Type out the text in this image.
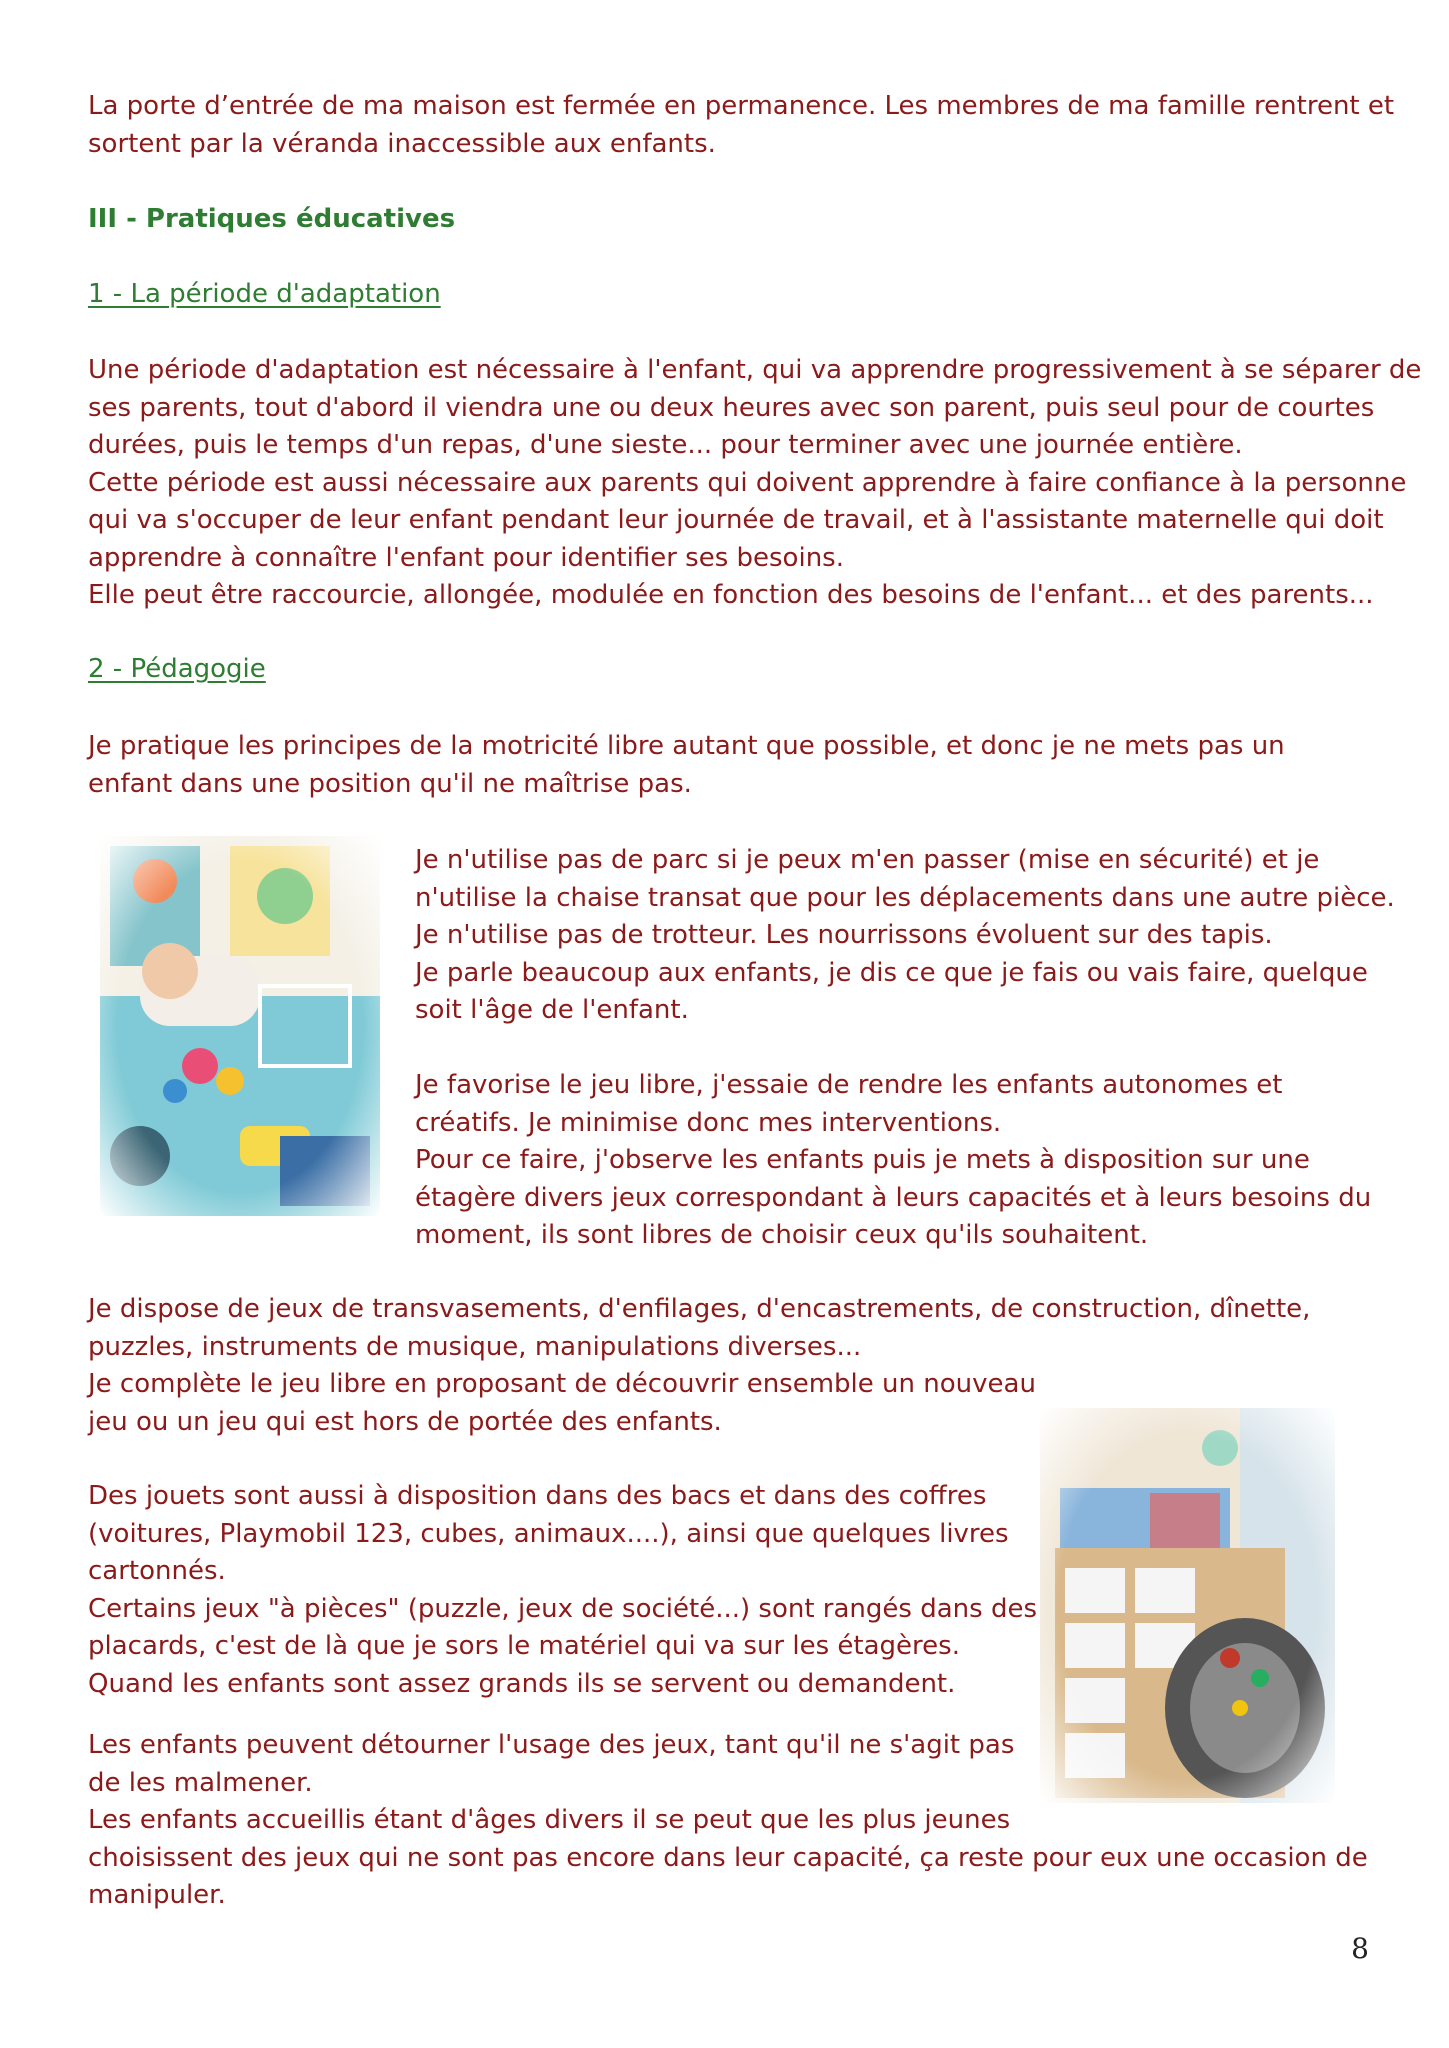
La porte d’entrée de ma maison est fermée en permanence. Les membres de ma famille rentrent et
sortent par la véranda inaccessible aux enfants.
III - Pratiques éducatives
1 - La période d'adaptation
Une période d'adaptation est nécessaire à l'enfant, qui va apprendre progressivement à se séparer de
ses parents, tout d'abord il viendra une ou deux heures avec son parent, puis seul pour de courtes
durées, puis le temps d'un repas, d'une sieste... pour terminer avec une journée entière.
Cette période est aussi nécessaire aux parents qui doivent apprendre à faire confiance à la personne
qui va s'occuper de leur enfant pendant leur journée de travail, et à l'assistante maternelle qui doit
apprendre à connaître l'enfant pour identifier ses besoins.
Elle peut être raccourcie, allongée, modulée en fonction des besoins de l'enfant... et des parents...
2 - Pédagogie
Je pratique les principes de la motricité libre autant que possible, et donc je ne mets pas un
enfant dans une position qu'il ne maîtrise pas.
Je n'utilise pas de parc si je peux m'en passer (mise en sécurité) et je
n'utilise la chaise transat que pour les déplacements dans une autre pièce.
Je n'utilise pas de trotteur. Les nourrissons évoluent sur des tapis.
Je parle beaucoup aux enfants, je dis ce que je fais ou vais faire, quelque
soit l'âge de l'enfant.
Je favorise le jeu libre, j'essaie de rendre les enfants autonomes et
créatifs. Je minimise donc mes interventions.
Pour ce faire, j'observe les enfants puis je mets à disposition sur une
étagère divers jeux correspondant à leurs capacités et à leurs besoins du
moment, ils sont libres de choisir ceux qu'ils souhaitent.
Je dispose de jeux de transvasements, d'enfilages, d'encastrements, de construction, dînette,
puzzles, instruments de musique, manipulations diverses...
Je complète le jeu libre en proposant de découvrir ensemble un nouveau
jeu ou un jeu qui est hors de portée des enfants.
Des jouets sont aussi à disposition dans des bacs et dans des coffres
(voitures, Playmobil 123, cubes, animaux....), ainsi que quelques livres
cartonnés.
Certains jeux "à pièces" (puzzle, jeux de société...) sont rangés dans des
placards, c'est de là que je sors le matériel qui va sur les étagères.
Quand les enfants sont assez grands ils se servent ou demandent.
Les enfants peuvent détourner l'usage des jeux, tant qu'il ne s'agit pas
de les malmener.
Les enfants accueillis étant d'âges divers il se peut que les plus jeunes
choisissent des jeux qui ne sont pas encore dans leur capacité, ça reste pour eux une occasion de
manipuler.
8
